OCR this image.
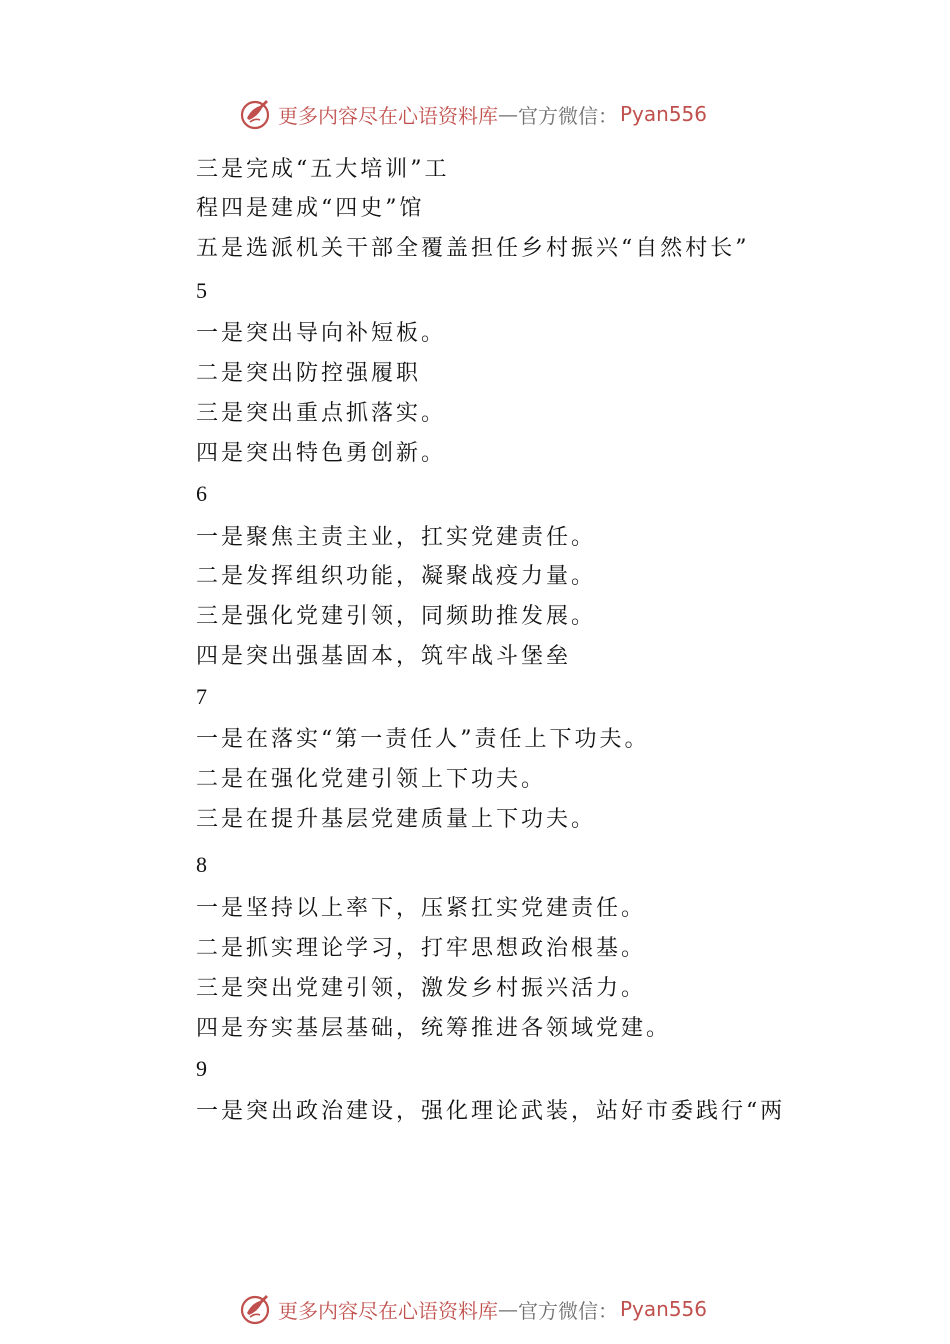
更多内容尽在心语资料库 — 官方微信： Pyan556
三是完成“五大培训”工
程四是建成“四史”馆
五是选派机关干部全覆盖担任乡村振兴“自然村长”
5
一是突出导向补短板。
二是突出防控强履职
三是突出重点抓落实。
四是突出特色勇创新。
6
一是聚焦主责主业，扛实党建责任。
二是发挥组织功能，凝聚战疫力量。
三是强化党建引领，同频助推发展。
四是突出强基固本，筑牢战斗堡垒
7
一是在落实“第一责任人”责任上下功夫。
二是在强化党建引领上下功夫。
三是在提升基层党建质量上下功夫。
8
一是坚持以上率下，压紧扛实党建责任。
二是抓实理论学习，打牢思想政治根基。
三是突出党建引领，激发乡村振兴活力。
四是夯实基层基础，统筹推进各领域党建。
9
一是突出政治建设，强化理论武装，站好市委践行“两
更多内容尽在心语资料库 — 官方微信： Pyan556
